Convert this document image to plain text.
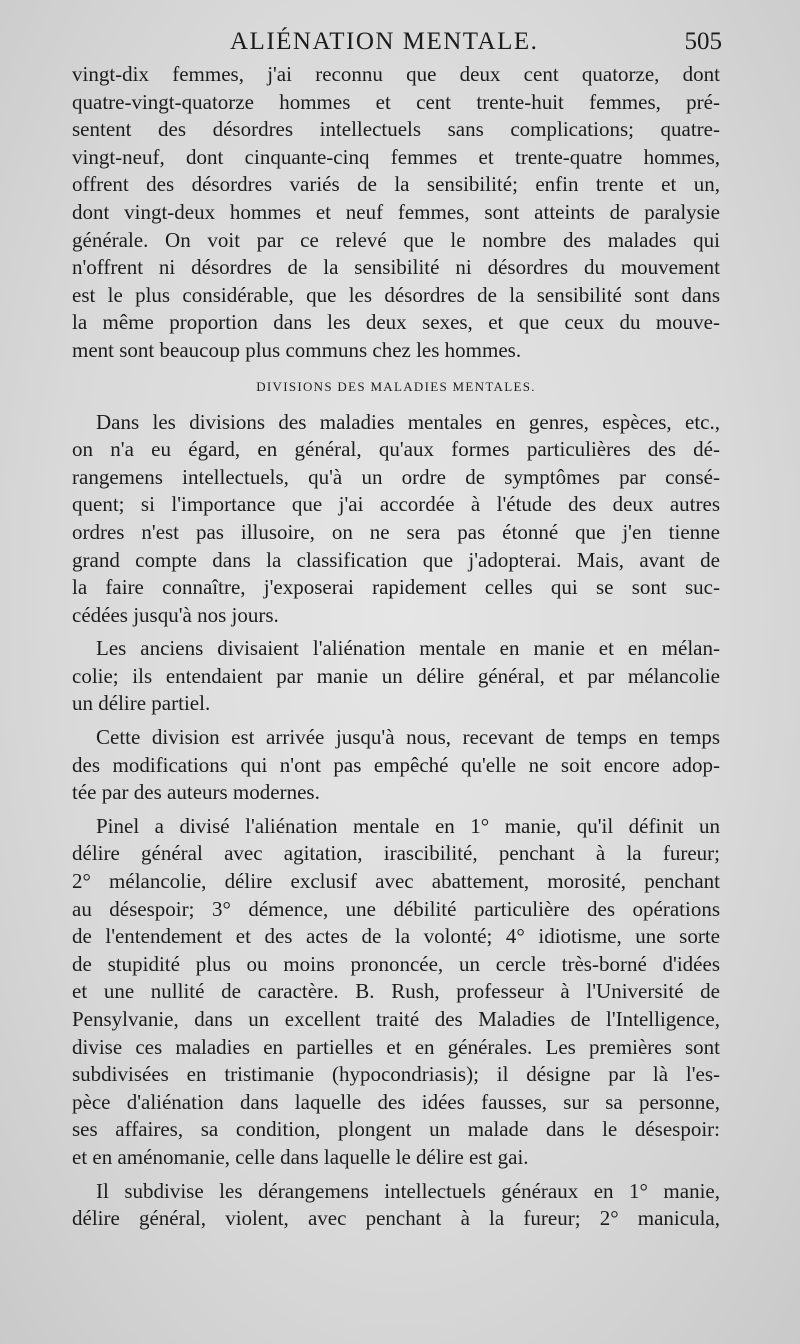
ALIÉNATION MENTALE.	505
vingt-dix femmes, j'ai reconnu que deux cent quatorze, dont
quatre-vingt-quatorze hommes et cent trente-huit femmes, pré-
sentent des désordres intellectuels sans complications; quatre-
vingt-neuf, dont cinquante-cinq femmes et trente-quatre hommes,
offrent des désordres variés de la sensibilité; enfin trente et un,
dont vingt-deux hommes et neuf femmes, sont atteints de paralysie
générale. On voit par ce relevé que le nombre des malades qui
n'offrent ni désordres de la sensibilité ni désordres du mouvement
est le plus considérable, que les désordres de la sensibilité sont dans
la même proportion dans les deux sexes, et que ceux du mouve-
ment sont beaucoup plus communs chez les hommes.
DIVISIONS DES MALADIES MENTALES.
Dans les divisions des maladies mentales en genres, espèces, etc.,
on n'a eu égard, en général, qu'aux formes particulières des dé-
rangemens intellectuels, qu'à un ordre de symptômes par consé-
quent; si l'importance que j'ai accordée à l'étude des deux autres
ordres n'est pas illusoire, on ne sera pas étonné que j'en tienne
grand compte dans la classification que j'adopterai. Mais, avant de
la faire connaître, j'exposerai rapidement celles qui se sont suc-
cédées jusqu'à nos jours.
Les anciens divisaient l'aliénation mentale en manie et en mélan-
colie; ils entendaient par manie un délire général, et par mélancolie
un délire partiel.
Cette division est arrivée jusqu'à nous, recevant de temps en temps
des modifications qui n'ont pas empêché qu'elle ne soit encore adop-
tée par des auteurs modernes.
Pinel a divisé l'aliénation mentale en 1° manie, qu'il définit un
délire général avec agitation, irascibilité, penchant à la fureur;
2° mélancolie, délire exclusif avec abattement, morosité, penchant
au désespoir; 3° démence, une débilité particulière des opérations
de l'entendement et des actes de la volonté; 4° idiotisme, une sorte
de stupidité plus ou moins prononcée, un cercle très-borné d'idées
et une nullité de caractère. B. Rush, professeur à l'Université de
Pensylvanie, dans un excellent traité des Maladies de l'Intelligence,
divise ces maladies en partielles et en générales. Les premières sont
subdivisées en tristimanie (hypocondriasis); il désigne par là l'es-
pèce d'aliénation dans laquelle des idées fausses, sur sa personne,
ses affaires, sa condition, plongent un malade dans le désespoir:
et en aménomanie, celle dans laquelle le délire est gai.
Il subdivise les dérangemens intellectuels généraux en 1° manie,
délire général, violent, avec penchant à la fureur; 2° manicula,
